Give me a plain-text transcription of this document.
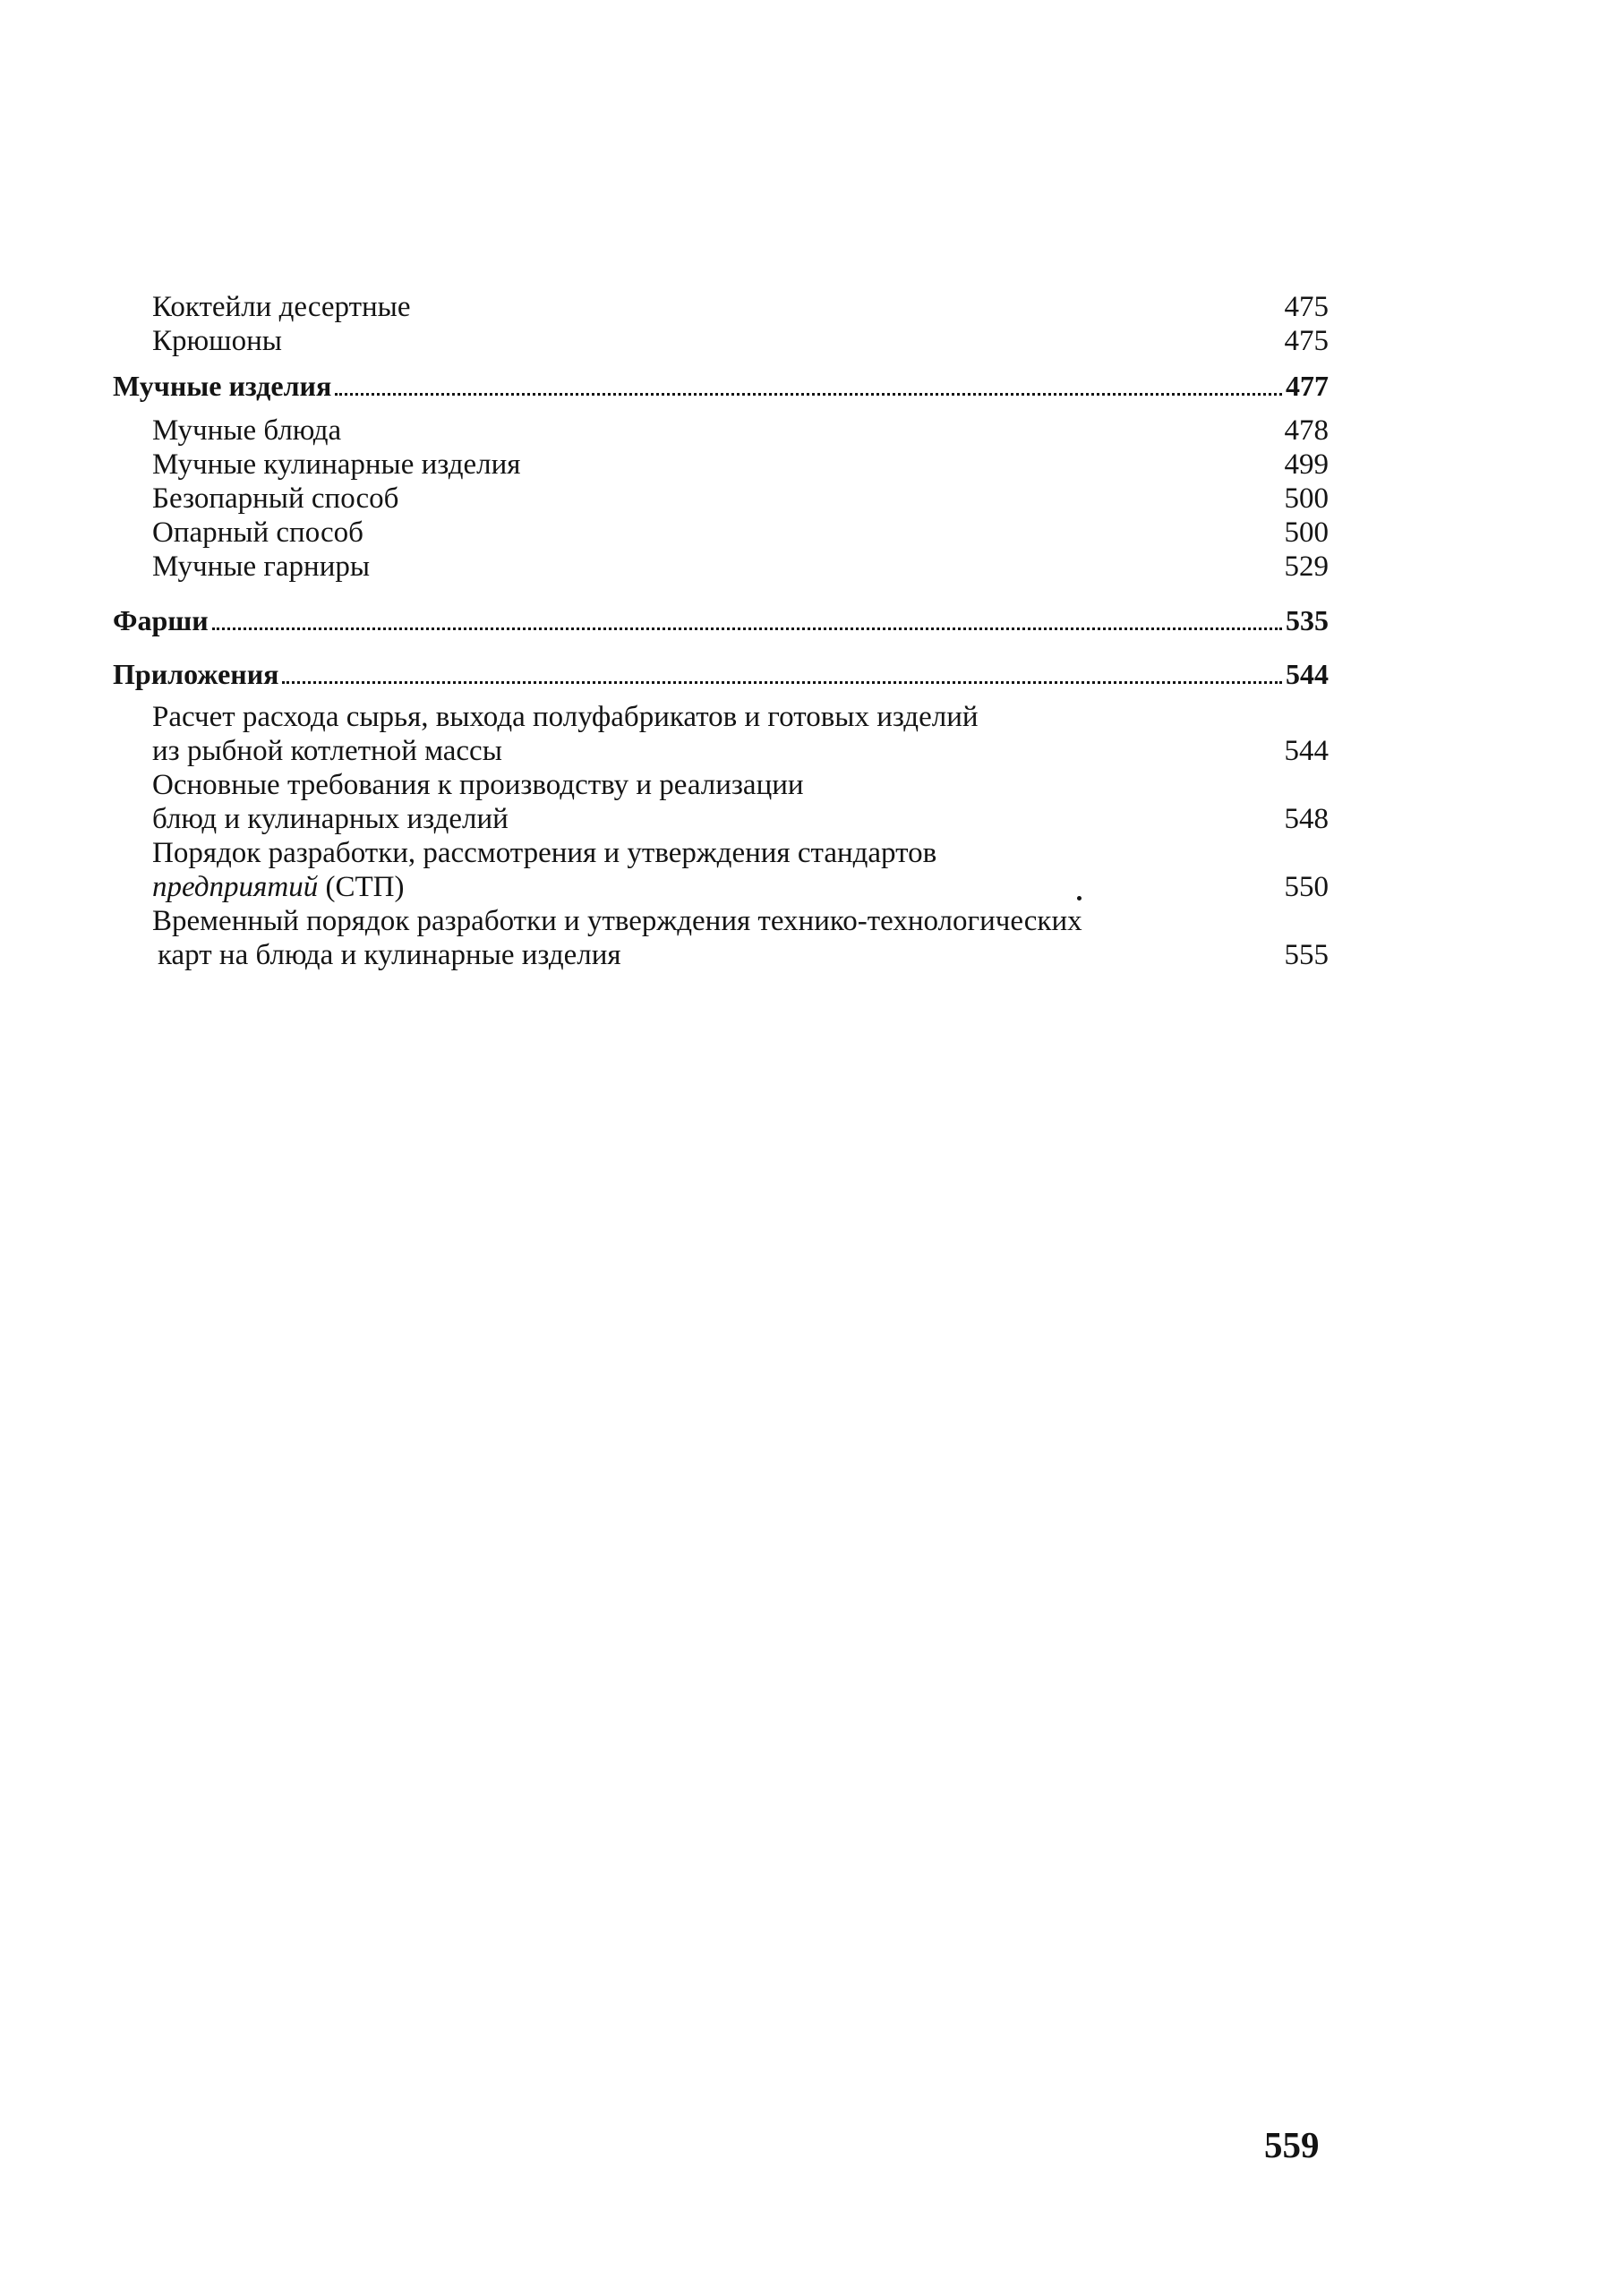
Коктейли десертные	475
Крюшоны	475
Мучные изделия	477
Мучные блюда	478
Мучные кулинарные изделия	499
Безопарный способ	500
Опарный способ	500
Мучные гарниры	529
Фарши	535
Приложения	544
Расчет расхода сырья, выхода полуфабрикатов и готовых изделий
из рыбной котлетной массы	544
Основные требования к производству и реализации
блюд и кулинарных изделий	548
Порядок разработки, рассмотрения и утверждения стандартов
предприятий (СТП)	550
Временный порядок разработки и утверждения технико-технологических
карт на блюда и кулинарные изделия	555
559
